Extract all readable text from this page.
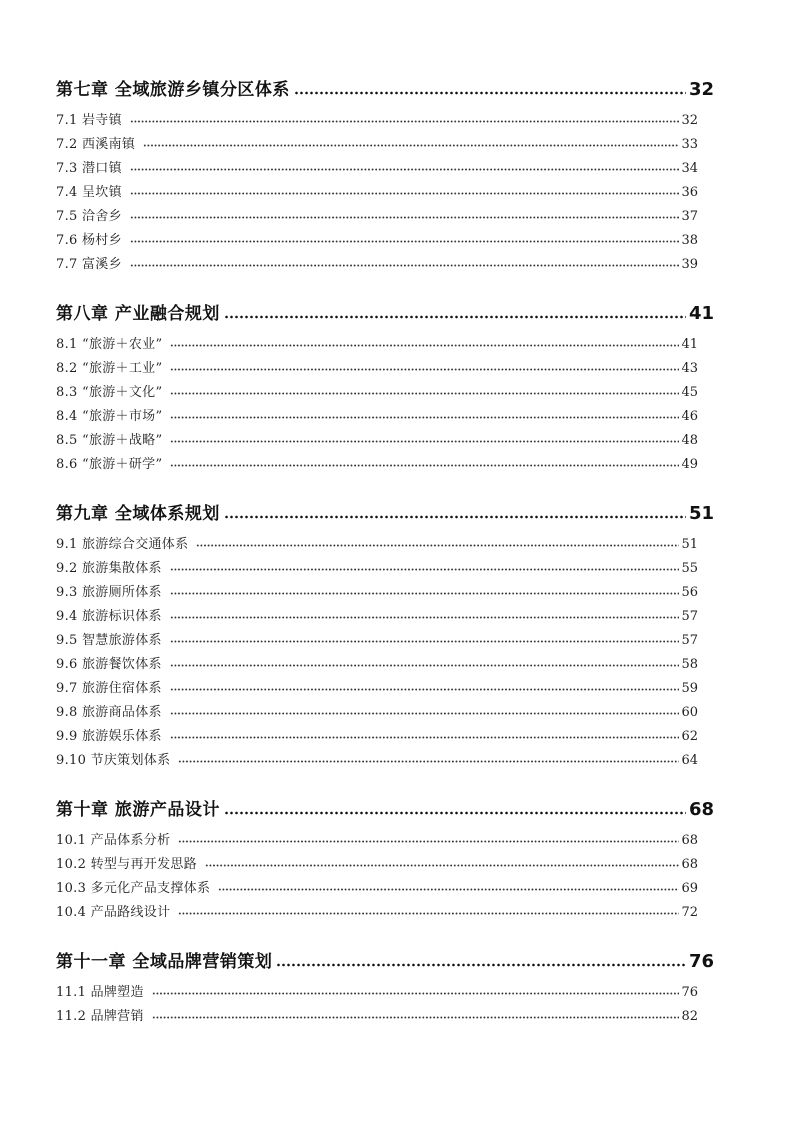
第七章 全域旅游乡镇分区体系	32
7.1 岩寺镇	32
7.2 西溪南镇	33
7.3 潜口镇	34
7.4 呈坎镇	36
7.5 洽舍乡	37
7.6 杨村乡	38
7.7 富溪乡	39
第八章 产业融合规划	41
8.1 “旅游＋农业”	41
8.2 “旅游＋工业”	43
8.3 “旅游＋文化”	45
8.4 “旅游＋市场”	46
8.5 “旅游＋战略”	48
8.6 “旅游＋研学”	49
第九章 全域体系规划	51
9.1 旅游综合交通体系	51
9.2 旅游集散体系	55
9.3 旅游厕所体系	56
9.4 旅游标识体系	57
9.5 智慧旅游体系	57
9.6 旅游餐饮体系	58
9.7 旅游住宿体系	59
9.8 旅游商品体系	60
9.9 旅游娱乐体系	62
9.10 节庆策划体系	64
第十章 旅游产品设计	68
10.1 产品体系分析	68
10.2 转型与再开发思路	68
10.3 多元化产品支撑体系	69
10.4 产品路线设计	72
第十一章 全域品牌营销策划	76
11.1 品牌塑造	76
11.2 品牌营销	82
